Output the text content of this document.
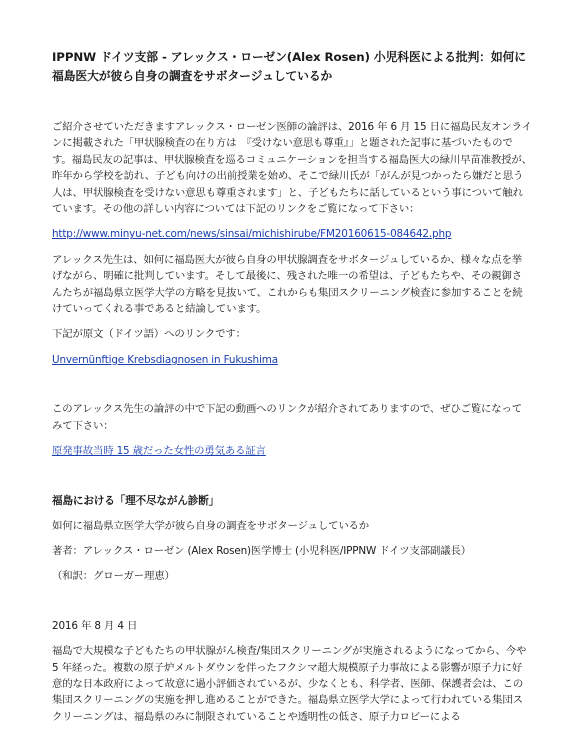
IPPNW ドイツ支部 - アレックス・ローゼン(Alex Rosen) 小児科医による批判：如何に福島医大が彼ら自身の調査をサボタージュしているか

ご紹介させていただきますアレックス・ローゼン医師の論評は、2016 年 6 月 15 日に福島民友オンラインに掲載された「甲状腺検査の在り方は　『受けない意思も尊重』」と題された記事に基づいたものです。福島民友の記事は、甲状腺検査を巡るコミュニケーションを担当する福島医大の緑川早苗准教授が、昨年から学校を訪れ、子ども向けの出前授業を始め、そこで緑川氏が「がんが見つかったら嫌だと思う人は、甲状腺検査を受けない意思も尊重されます」と、子どもたちに話しているという事について触れています。その他の詳しい内容については下記のリンクをご覧になって下さい：

http://www.minyu-net.com/news/sinsai/michishirube/FM20160615-084642.php

アレックス先生は、如何に福島医大が彼ら自身の甲状腺調査をサボタージュしているか、様々な点を挙げながら、明確に批判しています。そして最後に、残された唯一の希望は、子どもたちや、その親御さんたちが福島県立医学大学の方略を見抜いて、これからも集団スクリーニング検査に参加することを続けていってくれる事であると結論しています。

下記が原文（ドイツ語）へのリンクです：

Unvernünftige Krebsdiagnosen in Fukushima

このアレックス先生の論評の中で下記の動画へのリンクが紹介されてありますので、ぜひご覧になってみて下さい：

原発事故当時 15 歳だった女性の勇気ある証言

福島における「理不尽ながん診断」

如何に福島県立医学大学が彼ら自身の調査をサボタージュしているか

著者：アレックス・ローゼン (Alex Rosen)医学博士 (小児科医/IPPNW ドイツ支部副議長）

（和訳：グローガー理恵）

2016 年 8 月 4 日

福島で大規模な子どもたちの甲状腺がん検査/集団スクリーニングが実施されるようになってから、今や 5 年経った。複数の原子炉メルトダウンを伴ったフクシマ超大規模原子力事故による影響が原子力に好意的な日本政府によって故意に過小評価されているが、少なくとも、科学者、医師、保護者会は、この集団スクリーニングの実施を押し進めることができた。福島県立医学大学によって行われている集団スクリーニングは、福島県のみに制限されていることや透明性の低さ、原子力ロビーによる
